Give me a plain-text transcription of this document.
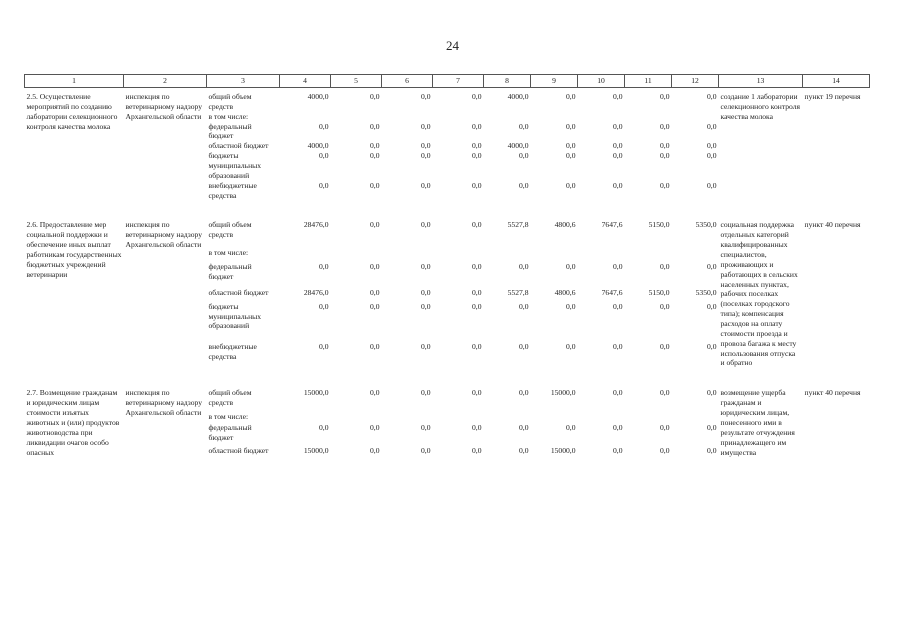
24
1	2	3	4	5	6	7	8	9	10	11	12	13	14
2.5. Осуществление мероприятий по созданию лаборатории селекционного контроля качества молока	инспекция по ветеринарному надзору Архангельской области	общий объем средств	4000,0	0,0	0,0	0,0	4000,0	0,0	0,0	0,0	0,0	создание 1 лаборатории селекционного контроля качества молока	пункт 19 перечня
		в том числе:											
		федеральный бюджет	0,0	0,0	0,0	0,0	0,0	0,0	0,0	0,0	0,0		
		областной бюджет	4000,0	0,0	0,0	0,0	4000,0	0,0	0,0	0,0	0,0		
		бюджеты муниципальных образований	0,0	0,0	0,0	0,0	0,0	0,0	0,0	0,0	0,0		
		внебюджетные средства	0,0	0,0	0,0	0,0	0,0	0,0	0,0	0,0	0,0		

2.6. Предоставление мер социальной поддержки и обеспечение иных выплат работникам государственных бюджетных учреждений ветеринарии	инспекция по ветеринарному надзору Архангельской области	общий объем средств	28476,0	0,0	0,0	0,0	5527,8	4800,6	7647,6	5150,0	5350,0	социальная поддержка отдельных категорий квалифицированных специалистов, проживающих и работающих в сельских населенных пунктах, рабочих поселках (поселках городского типа); компенсация расходов на оплату стоимости проезда и провоза багажа к месту использования отпуска и обратно	пункт 40 перечня
		в том числе:											
		федеральный бюджет	0,0	0,0	0,0	0,0	0,0	0,0	0,0	0,0	0,0		
		областной бюджет	28476,0	0,0	0,0	0,0	5527,8	4800,6	7647,6	5150,0	5350,0		
		бюджеты муниципальных образований	0,0	0,0	0,0	0,0	0,0	0,0	0,0	0,0	0,0		
		внебюджетные средства	0,0	0,0	0,0	0,0	0,0	0,0	0,0	0,0	0,0		

2.7. Возмещение гражданам и юридическим лицам стоимости изъятых животных и (или) продуктов животноводства при ликвидации очагов особо опасных	инспекция по ветеринарному надзору Архангельской области	общий объем средств	15000,0	0,0	0,0	0,0	0,0	15000,0	0,0	0,0	0,0	возмещение ущерба гражданам и юридическим лицам, понесенного ими в результате отчуждения принадлежащего им имущества	пункт 40 перечня
		в том числе:											
		федеральный бюджет	0,0	0,0	0,0	0,0	0,0	0,0	0,0	0,0	0,0		
		областной бюджет	15000,0	0,0	0,0	0,0	0,0	15000,0	0,0	0,0	0,0		
